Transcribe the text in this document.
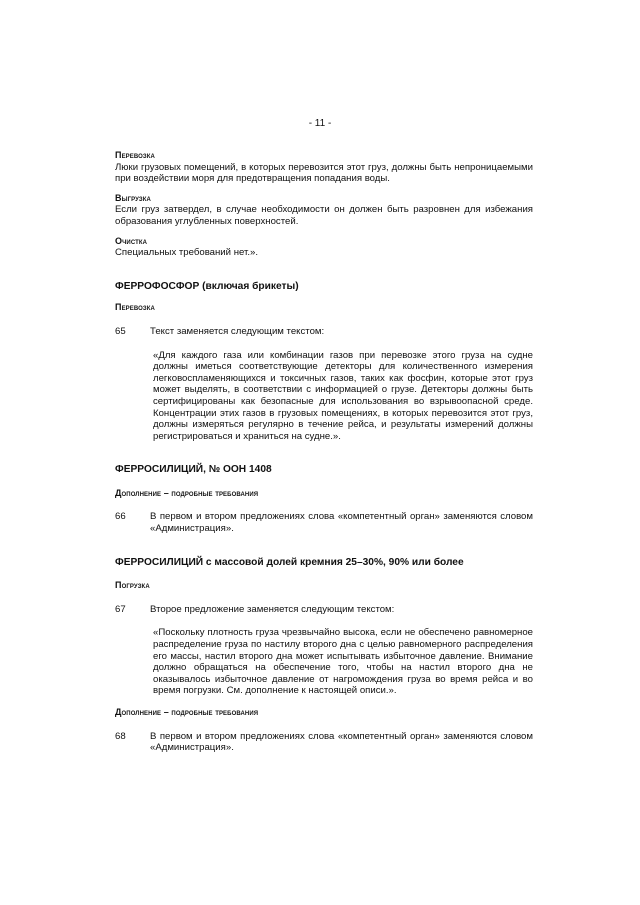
- 11 -

Перевозка

Люки грузовых помещений, в которых перевозится этот груз, должны быть непроницаемыми при воздействии моря для предотвращения попадания воды.

Выгрузка

Если груз затвердел, в случае необходимости он должен быть разровнен для избежания образования углубленных поверхностей.

Очистка

Специальных требований нет.».

ФЕРРОФОСФОР (включая брикеты)

Перевозка

65	Текст заменяется следующим текстом:

«Для каждого газа или комбинации газов при перевозке этого груза на судне должны иметься соответствующие детекторы для количественного измерения легковоспламеняющихся и токсичных газов, таких как фосфин, которые этот груз может выделять, в соответствии с информацией о грузе. Детекторы должны быть сертифицированы как безопасные для использования во взрывоопасной среде. Концентрации этих газов в грузовых помещениях, в которых перевозится этот груз, должны измеряться регулярно в течение рейса, и результаты измерений должны регистрироваться и храниться на судне.».

ФЕРРОСИЛИЦИЙ, № ООН 1408

Дополнение – подробные требования

66	В первом и втором предложениях слова «компетентный орган» заменяются словом «Администрация».

ФЕРРОСИЛИЦИЙ с массовой долей кремния 25–30%, 90% или более

Погрузка

67	Второе предложение заменяется следующим текстом:

«Поскольку плотность груза чрезвычайно высока, если не обеспечено равномерное распределение груза по настилу второго дна с целью равномерного распределения его массы, настил второго дна может испытывать избыточное давление. Внимание должно обращаться на обеспечение того, чтобы на настил второго дна не оказывалось избыточное давление от нагромождения груза во время рейса и во время погрузки. См. дополнение к настоящей описи.».

Дополнение – подробные требования

68	В первом и втором предложениях слова «компетентный орган» заменяются словом «Администрация».
